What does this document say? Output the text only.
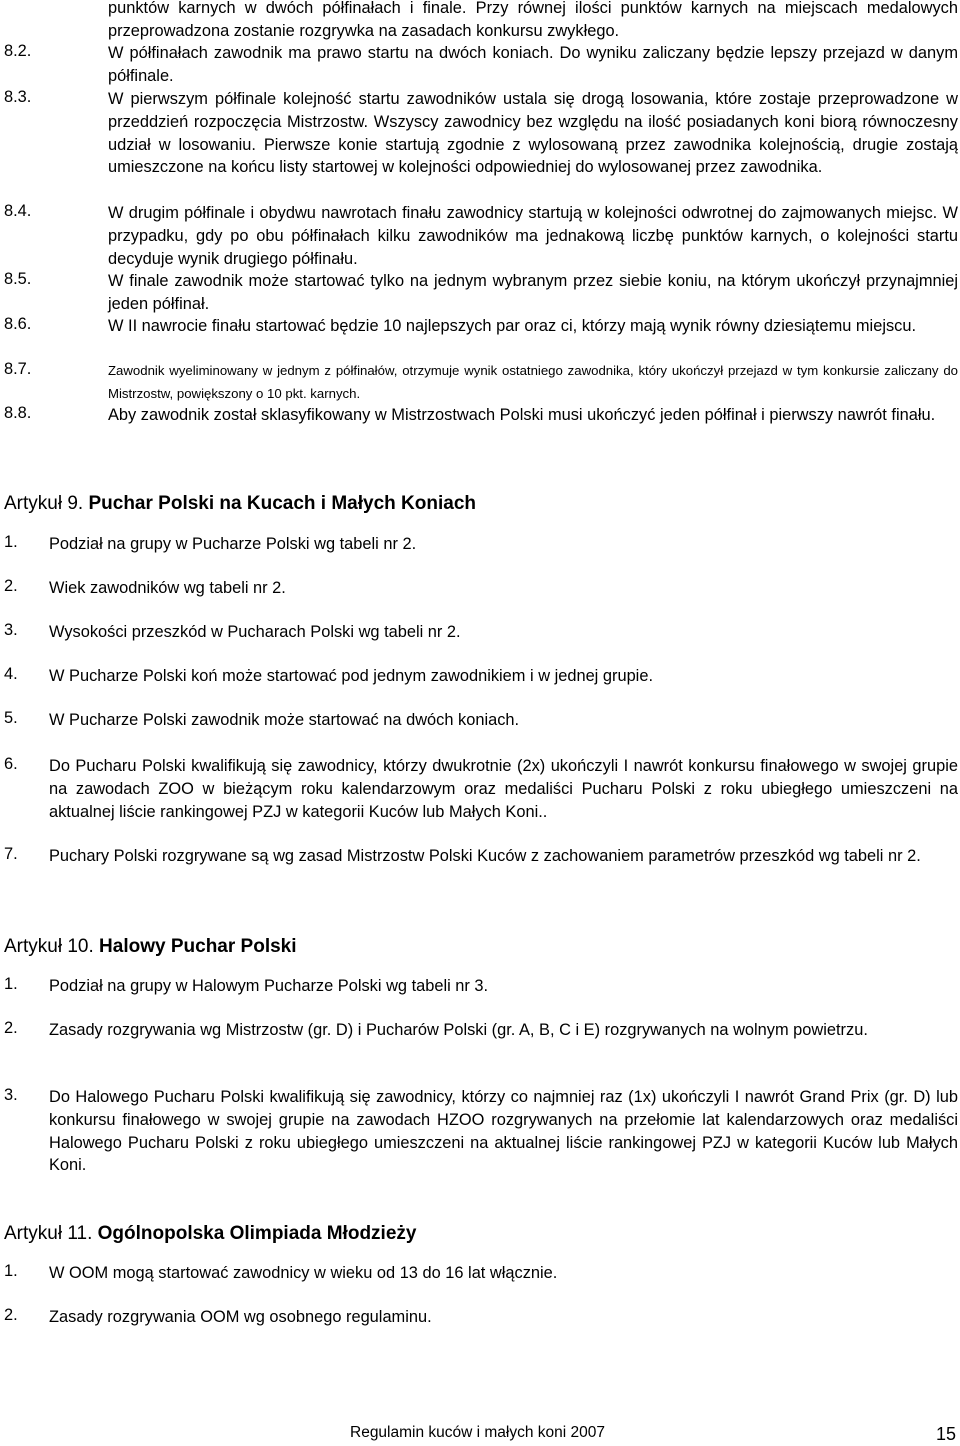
punktów karnych w dwóch półfinałach i finale. Przy równej ilości punktów karnych na miejscach medalowych przeprowadzona zostanie rozgrywka na zasadach konkursu zwykłego.
8.2.	W półfinałach zawodnik ma prawo startu na dwóch koniach. Do wyniku zaliczany będzie lepszy przejazd w danym półfinale.
8.3.	W pierwszym półfinale kolejność startu zawodników ustala się drogą losowania, które zostaje przeprowadzone w przeddzień rozpoczęcia Mistrzostw. Wszyscy zawodnicy bez względu na ilość posiadanych koni biorą równoczesny udział w losowaniu. Pierwsze konie startują zgodnie z wylosowaną przez zawodnika kolejnością, drugie zostają umieszczone na końcu listy startowej w kolejności odpowiedniej do wylosowanej przez zawodnika.
8.4.	W drugim półfinale i obydwu nawrotach finału zawodnicy startują w kolejności odwrotnej do zajmowanych miejsc. W przypadku, gdy po obu półfinałach kilku zawodników ma jednakową liczbę punktów karnych, o kolejności startu decyduje wynik drugiego półfinału.
8.5.	W finale zawodnik może startować tylko na jednym wybranym przez siebie koniu, na którym ukończył przynajmniej jeden półfinał.
8.6.	W II nawrocie finału startować będzie 10 najlepszych par oraz ci, którzy mają wynik równy dziesiątemu miejscu.
8.7.	Zawodnik wyeliminowany w jednym z półfinałów, otrzymuje wynik ostatniego zawodnika, który ukończył przejazd w tym konkursie zaliczany do Mistrzostw, powiększony o 10 pkt. karnych.
8.8.	Aby zawodnik został sklasyfikowany w Mistrzostwach Polski musi ukończyć jeden półfinał i pierwszy nawrót finału.
Artykuł 9. Puchar Polski na Kucach i Małych Koniach
1.	Podział na grupy w Pucharze Polski wg tabeli nr 2.
2.	Wiek zawodników wg tabeli nr 2.
3.	Wysokości przeszkód w Pucharach Polski wg tabeli nr 2.
4.	W Pucharze Polski koń może startować pod jednym zawodnikiem i w jednej grupie.
5.	W Pucharze Polski zawodnik może startować na dwóch koniach.
6.	Do Pucharu Polski kwalifikują się zawodnicy, którzy dwukrotnie (2x) ukończyli I nawrót konkursu finałowego w swojej grupie na zawodach ZOO w bieżącym roku kalendarzowym oraz medaliści Pucharu Polski z roku ubiegłego umieszczeni na aktualnej liście rankingowej PZJ w kategorii Kuców lub Małych Koni..
7.	Puchary Polski rozgrywane są wg zasad Mistrzostw Polski Kuców z zachowaniem parametrów przeszkód wg tabeli nr 2.
Artykuł 10. Halowy Puchar Polski
1.	Podział na grupy w Halowym Pucharze Polski wg tabeli nr 3.
2.	Zasady rozgrywania wg Mistrzostw (gr. D) i Pucharów Polski (gr. A, B, C i E) rozgrywanych na wolnym powietrzu.
3.	Do Halowego Pucharu Polski kwalifikują się zawodnicy, którzy co najmniej raz (1x) ukończyli I nawrót Grand Prix (gr. D) lub konkursu finałowego w swojej grupie na zawodach HZOO rozgrywanych na przełomie lat kalendarzowych oraz medaliści Halowego Pucharu Polski z roku ubiegłego umieszczeni na aktualnej liście rankingowej PZJ w kategorii Kuców lub Małych Koni.
Artykuł 11. Ogólnopolska Olimpiada Młodzieży
1.	W OOM mogą startować zawodnicy w wieku od 13 do 16 lat włącznie.
2.	Zasady rozgrywania OOM wg osobnego regulaminu.
Regulamin kuców i małych koni 2007	15
